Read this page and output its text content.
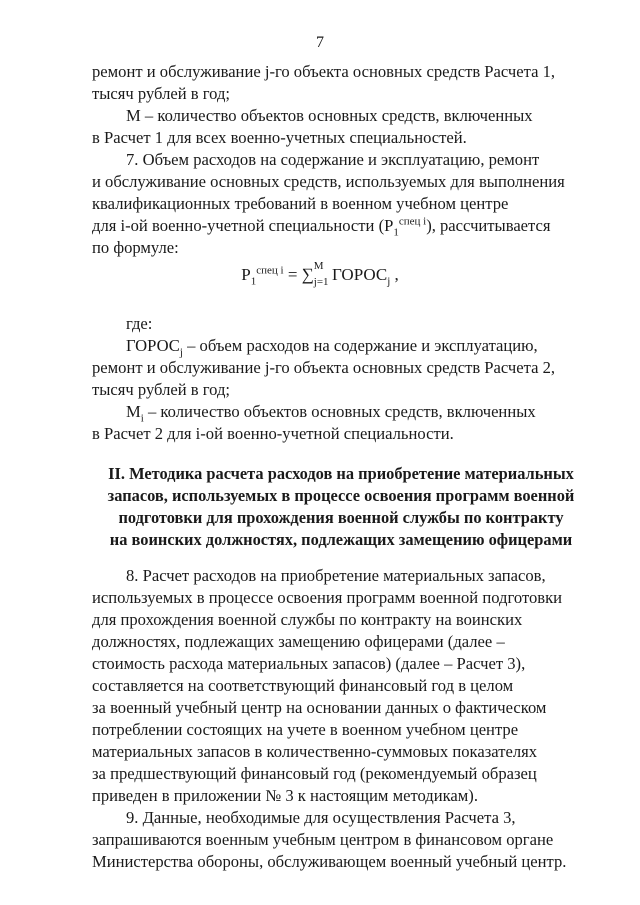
7
ремонт и обслуживание j-го объекта основных средств Расчета 1,
тысяч рублей в год;
M – количество объектов основных средств, включенных
в Расчет 1 для всех военно-учетных специальностей.
7. Объем расходов на содержание и эксплуатацию, ремонт
и обслуживание основных средств, используемых для выполнения
квалификационных требований в военном учебном центре
для i-ой военно-учетной специальности $(P_1^{спец i})$, рассчитывается
по формуле:
$P_1^{спец i}$ = ∑ M
j=1 $ГОРОС_j$ ,
где:
$ГОРОС_j$ – объем расходов на содержание и эксплуатацию,
ремонт и обслуживание j-го объекта основных средств Расчета 2,
тысяч рублей в год;
$M_i$ – количество объектов основных средств, включенных
в Расчет 2 для i-ой военно-учетной специальности.
II. Методика расчета расходов на приобретение материальных
запасов, используемых в процессе освоения программ военной
подготовки для прохождения военной службы по контракту
на воинских должностях, подлежащих замещению офицерами
8. Расчет расходов на приобретение материальных запасов,
используемых в процессе освоения программ военной подготовки
для прохождения военной службы по контракту на воинских
должностях, подлежащих замещению офицерами (далее –
стоимость расхода материальных запасов) (далее – Расчет 3),
составляется на соответствующий финансовый год в целом
за военный учебный центр на основании данных о фактическом
потреблении состоящих на учете в военном учебном центре
материальных запасов в количественно-суммовых показателях
за предшествующий финансовый год (рекомендуемый образец
приведен в приложении № 3 к настоящим методикам).
9. Данные, необходимые для осуществления Расчета 3,
запрашиваются военным учебным центром в финансовом органе
Министерства обороны, обслуживающем военный учебный центр.
